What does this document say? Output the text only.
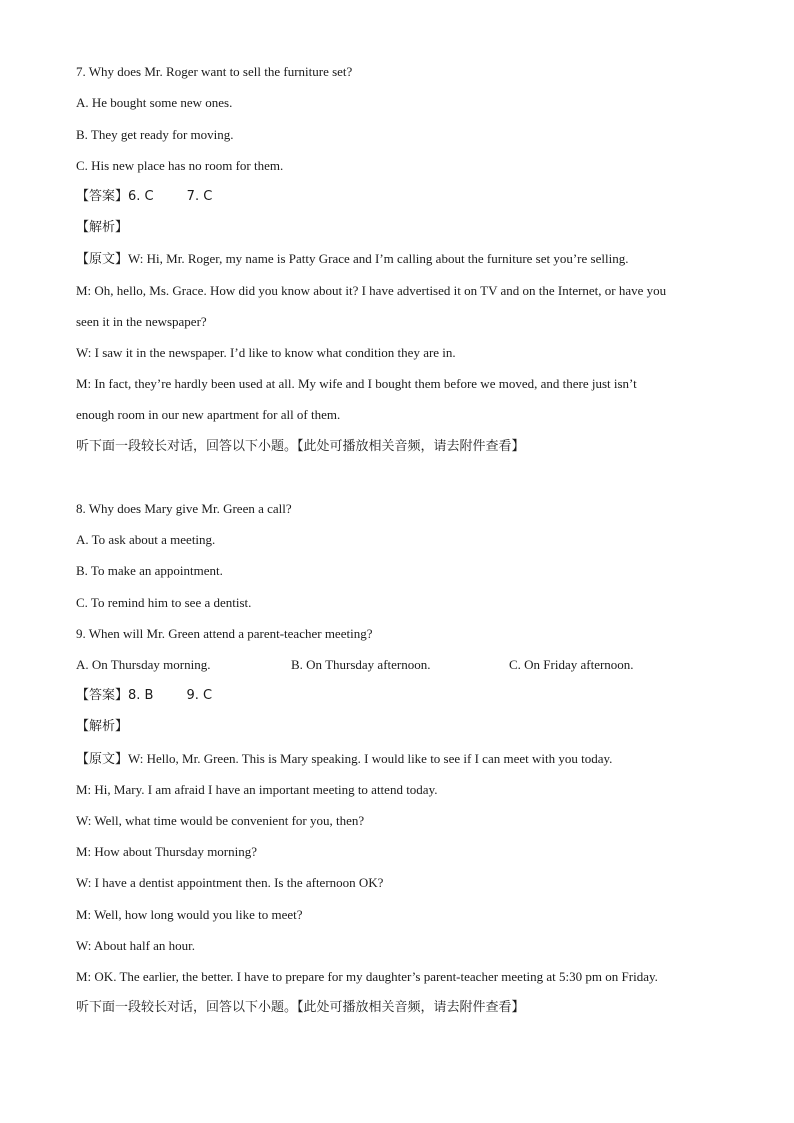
7. Why does Mr. Roger want to sell the furniture set?
A. He bought some new ones.
B. They get ready for moving.
C. His new place has no room for them.
【答案】6. C        7. C
【解析】
【原文】W: Hi, Mr. Roger, my name is Patty Grace and I’m calling about the furniture set you’re selling.
M: Oh, hello, Ms. Grace. How did you know about it? I have advertised it on TV and on the Internet, or have you
seen it in the newspaper?
W: I saw it in the newspaper. I’d like to know what condition they are in.
M: In fact, they’re hardly been used at all. My wife and I bought them before we moved, and there just isn’t
enough room in our new apartment for all of them.
听下面一段较长对话，回答以下小题。【此处可播放相关音频，请去附件查看】
8. Why does Mary give Mr. Green a call?
A. To ask about a meeting.
B. To make an appointment.
C. To remind him to see a dentist.
9. When will Mr. Green attend a parent-teacher meeting?
A. On Thursday morning.	B. On Thursday afternoon.	C. On Friday afternoon.
【答案】8. B        9. C
【解析】
【原文】W: Hello, Mr. Green. This is Mary speaking. I would like to see if I can meet with you today.
M: Hi, Mary. I am afraid I have an important meeting to attend today.
W: Well, what time would be convenient for you, then?
M: How about Thursday morning?
W: I have a dentist appointment then. Is the afternoon OK?
M: Well, how long would you like to meet?
W: About half an hour.
M: OK. The earlier, the better. I have to prepare for my daughter’s parent-teacher meeting at 5:30 pm on Friday.
听下面一段较长对话，回答以下小题。【此处可播放相关音频，请去附件查看】
